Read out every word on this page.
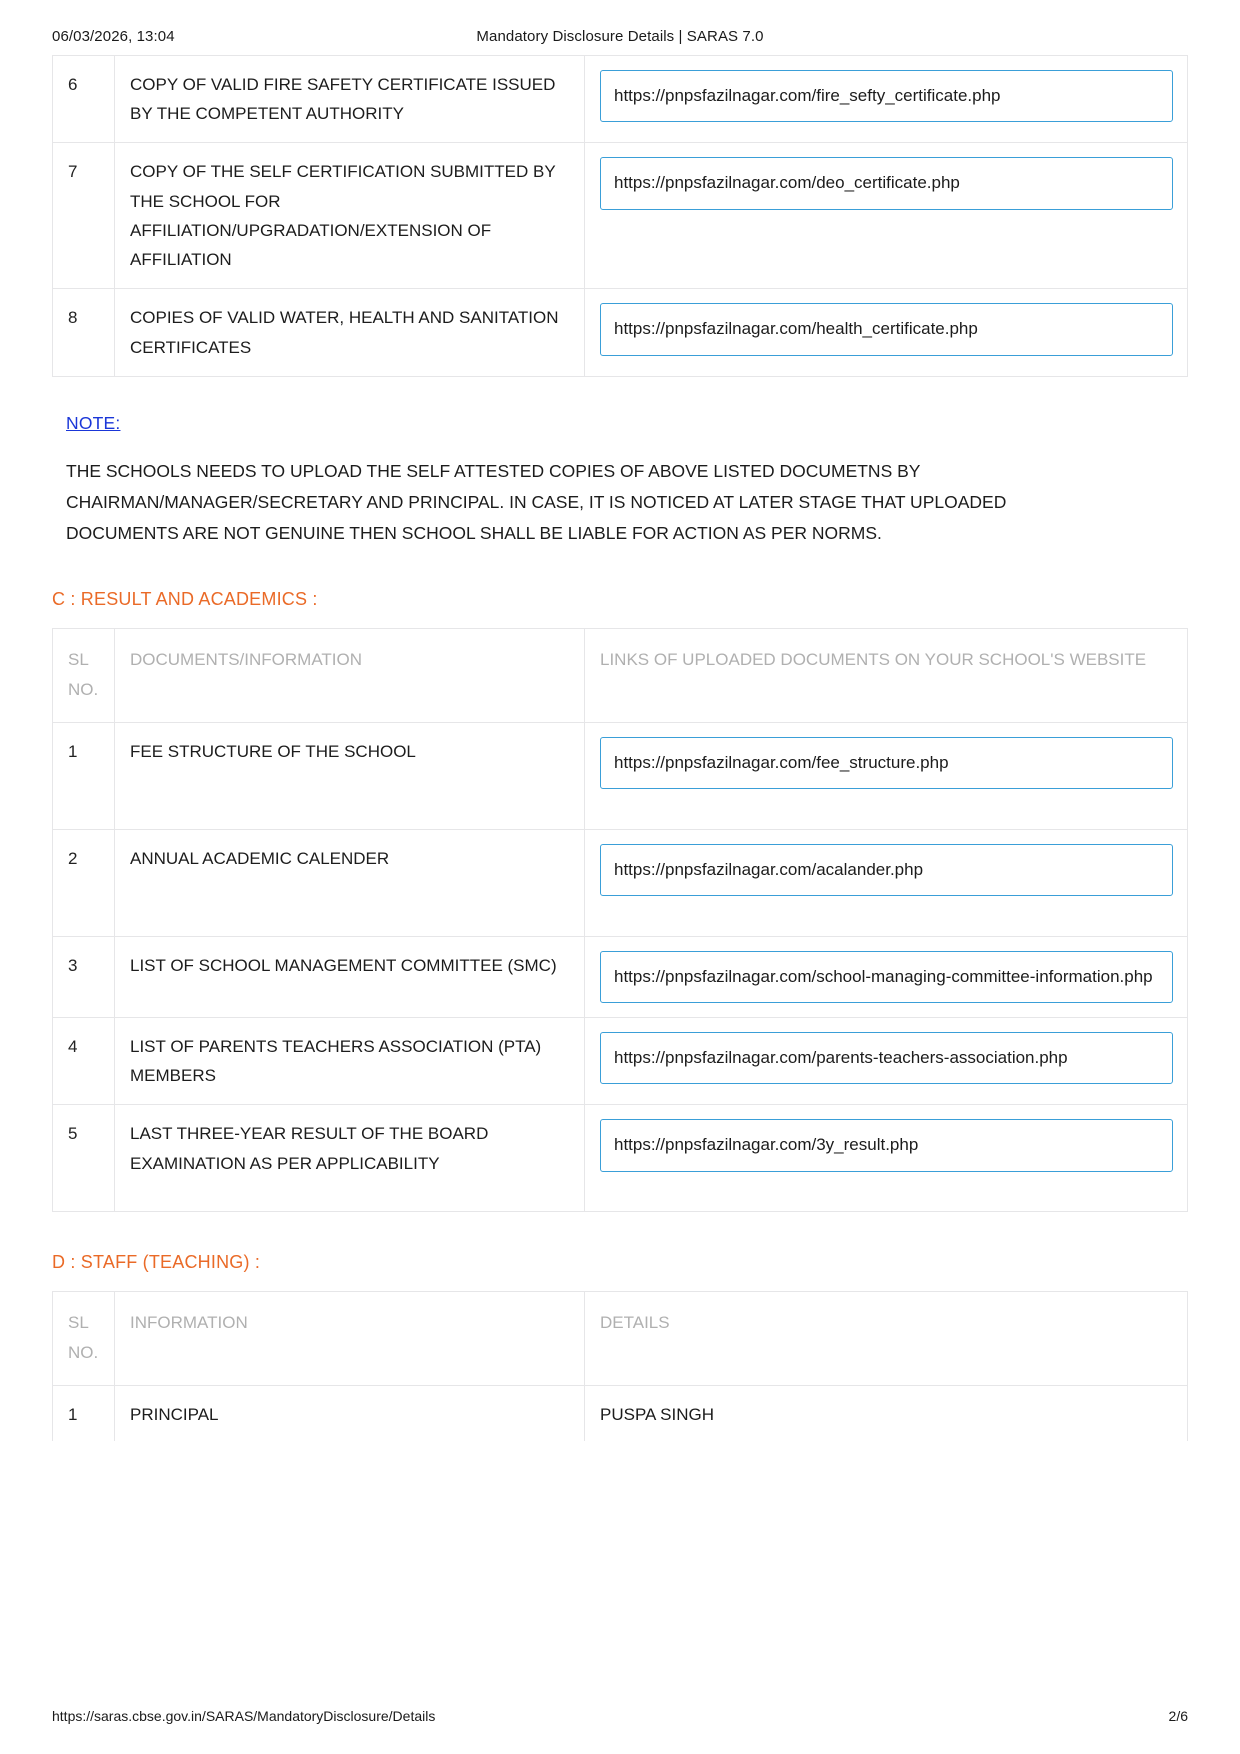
06/03/2026, 13:04	Mandatory Disclosure Details | SARAS 7.0
6	COPY OF VALID FIRE SAFETY CERTIFICATE ISSUED BY THE COMPETENT AUTHORITY	https://pnpsfazilnagar.com/fire_sefty_certificate.php

7	COPY OF THE SELF CERTIFICATION SUBMITTED BY THE SCHOOL FOR AFFILIATION/UPGRADATION/EXTENSION OF AFFILIATION	https://pnpsfazilnagar.com/deo_certificate.php

8	COPIES OF VALID WATER, HEALTH AND SANITATION CERTIFICATES	https://pnpsfazilnagar.com/health_certificate.php
NOTE:

THE SCHOOLS NEEDS TO UPLOAD THE SELF ATTESTED COPIES OF ABOVE LISTED DOCUMETNS BY CHAIRMAN/MANAGER/SECRETARY AND PRINCIPAL. IN CASE, IT IS NOTICED AT LATER STAGE THAT UPLOADED DOCUMENTS ARE NOT GENUINE THEN SCHOOL SHALL BE LIABLE FOR ACTION AS PER NORMS.

C : RESULT AND ACADEMICS :
SL NO.	DOCUMENTS/INFORMATION	LINKS OF UPLOADED DOCUMENTS ON YOUR SCHOOL'S WEBSITE
1	FEE STRUCTURE OF THE SCHOOL	https://pnpsfazilnagar.com/fee_structure.php

2	ANNUAL ACADEMIC CALENDER	https://pnpsfazilnagar.com/acalander.php

3	LIST OF SCHOOL MANAGEMENT COMMITTEE (SMC)	https://pnpsfazilnagar.com/school-managing-committee-information.php

4	LIST OF PARENTS TEACHERS ASSOCIATION (PTA) MEMBERS	https://pnpsfazilnagar.com/parents-teachers-association.php

5	LAST THREE-YEAR RESULT OF THE BOARD EXAMINATION AS PER APPLICABILITY	https://pnpsfazilnagar.com/3y_result.php
D : STAFF (TEACHING) :
SL NO.	INFORMATION	DETAILS
1	PRINCIPAL	PUSPA SINGH
https://saras.cbse.gov.in/SARAS/MandatoryDisclosure/Details	2/6
